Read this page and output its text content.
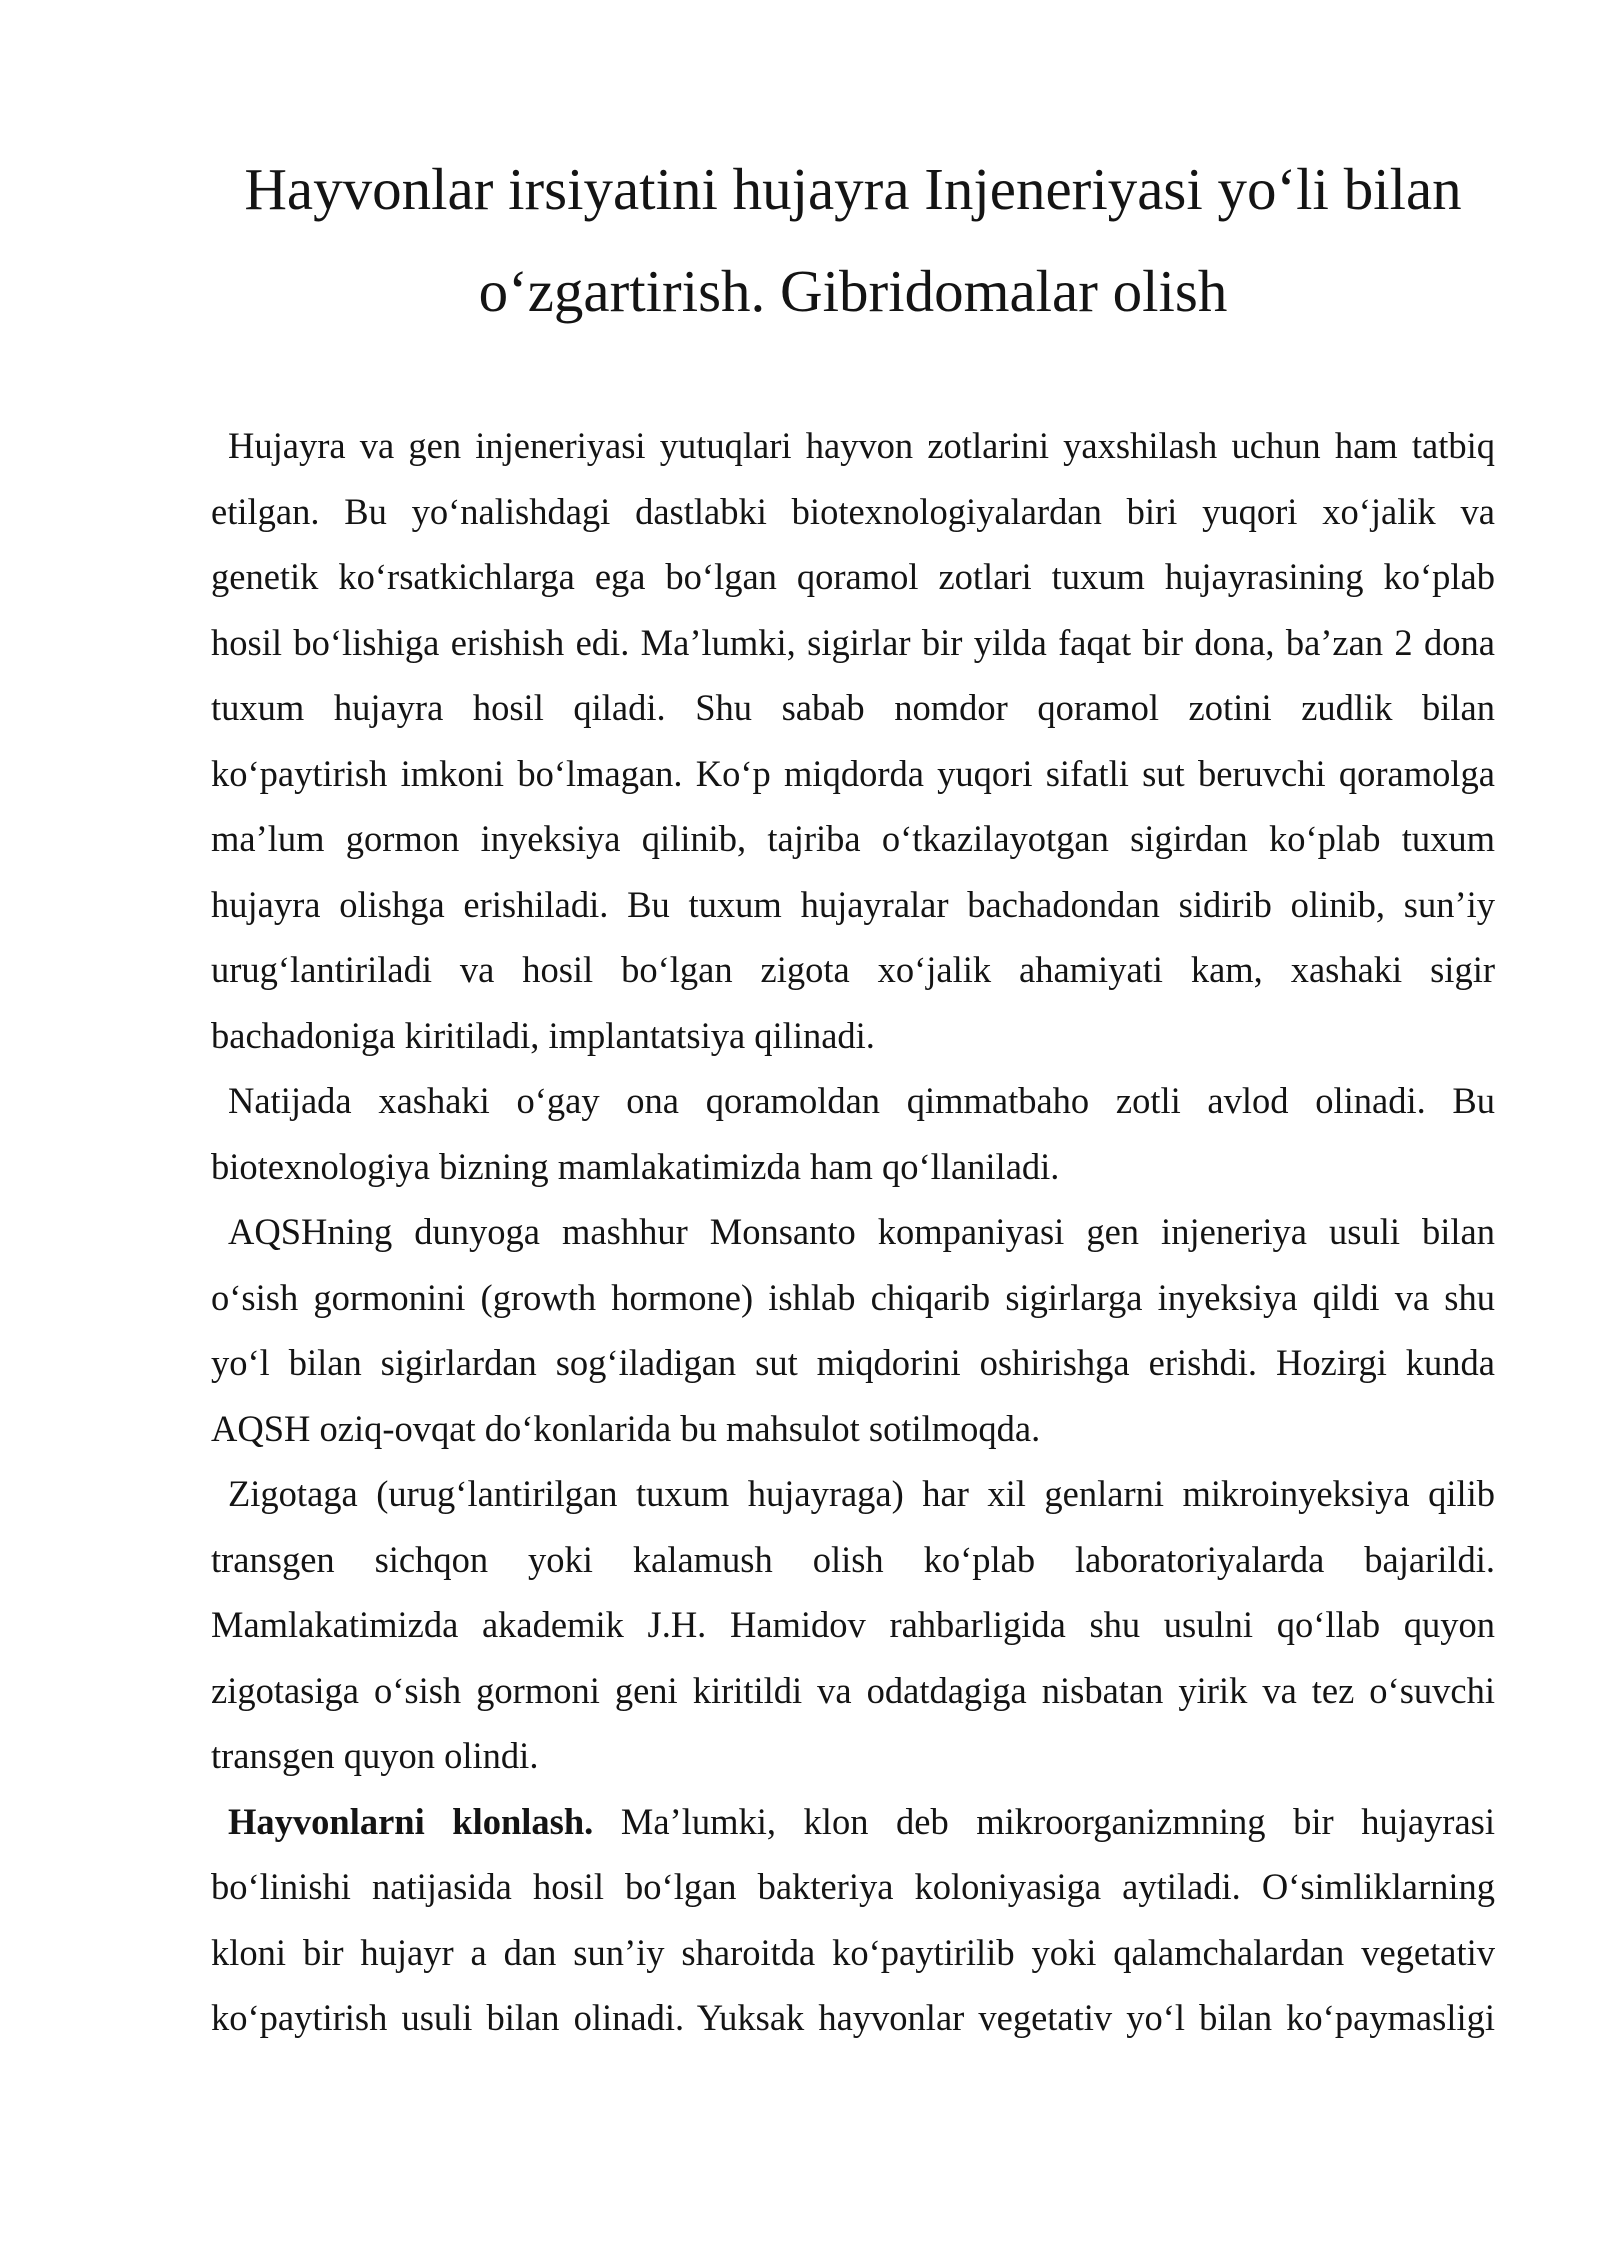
Hayvonlar irsiyatini hujayra Injeneriyasi yo‘li bilan
o‘zgartirish. Gibridomalar olish

Hujayra va gen injeneriyasi yutuqlari hayvon zotlarini yaxshilash uchun ham tatbiq
etilgan. Bu yo‘nalishdagi dastlabki biotexnologiyalardan biri yuqori xo‘jalik va
genetik ko‘rsatkichlarga ega bo‘lgan qoramol zotlari tuxum hujayrasining ko‘plab
hosil bo‘lishiga erishish edi. Ma’lumki, sigirlar bir yilda faqat bir dona, ba’zan 2 dona
tuxum hujayra hosil qiladi. Shu sabab nomdor qoramol zotini zudlik bilan
ko‘paytirish imkoni bo‘lmagan. Ko‘p miqdorda yuqori sifatli sut beruvchi qoramolga
ma’lum gormon inyeksiya qilinib, tajriba o‘tkazilayotgan sigirdan ko‘plab tuxum
hujayra olishga erishiladi. Bu tuxum hujayralar bachadondan sidirib olinib, sun’iy
urug‘lantiriladi va hosil bo‘lgan zigota xo‘jalik ahamiyati kam, xashaki sigir
bachadoniga kiritiladi, implantatsiya qilinadi.

Natijada xashaki o‘gay ona qoramoldan qimmatbaho zotli avlod olinadi. Bu
biotexnologiya bizning mamlakatimizda ham qo‘llaniladi.

AQSHning dunyoga mashhur Monsanto kompaniyasi gen injeneriya usuli bilan
o‘sish gormonini (growth hormone) ishlab chiqarib sigirlarga inyeksiya qildi va shu
yo‘l bilan sigirlardan sog‘iladigan sut miqdorini oshirishga erishdi. Hozirgi kunda
AQSH oziq-ovqat do‘konlarida bu mahsulot sotilmoqda.

Zigotaga (urug‘lantirilgan tuxum hujayraga) har xil genlarni mikroinyeksiya qilib
transgen sichqon yoki kalamush olish ko‘plab laboratoriyalarda bajarildi.
Mamlakatimizda akademik J.H. Hamidov rahbarligida shu usulni qo‘llab quyon
zigotasiga o‘sish gormoni geni kiritildi va odatdagiga nisbatan yirik va tez o‘suvchi
transgen quyon olindi.

Hayvonlarni klonlash. Ma’lumki, klon deb mikroorganizmning bir hujayrasi
bo‘linishi natijasida hosil bo‘lgan bakteriya koloniyasiga aytiladi. O‘simliklarning
kloni bir hujayr a dan sun’iy sharoitda ko‘paytirilib yoki qalamchalardan vegetativ
ko‘paytirish usuli bilan olinadi. Yuksak hayvonlar vegetativ yo‘l bilan ko‘paymasligi
